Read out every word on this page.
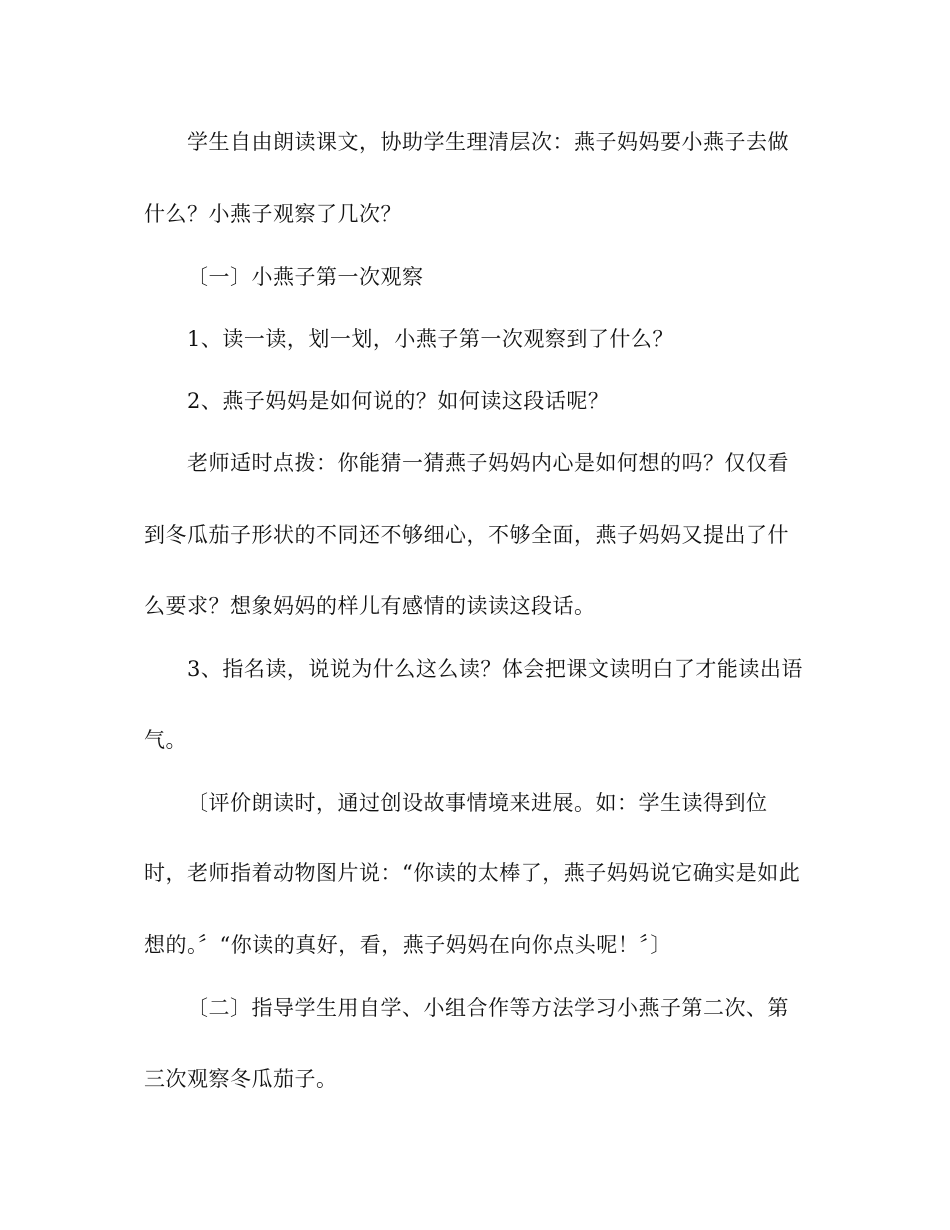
学生自由朗读课文，协助学生理清层次：燕子妈妈要小燕子去做
什么？小燕子观察了几次？
〔一〕小燕子第一次观察
1、读一读，划一划，小燕子第一次观察到了什么？
2、燕子妈妈是如何说的？如何读这段话呢？
老师适时点拨：你能猜一猜燕子妈妈内心是如何想的吗？仅仅看
到冬瓜茄子形状的不同还不够细心，不够全面，燕子妈妈又提出了什
么要求？想象妈妈的样儿有感情的读读这段话。
3、指名读，说说为什么这么读？体会把课文读明白了才能读出语
气。
〔评价朗读时，通过创设故事情境来进展。如：学生读得到位
时，老师指着动物图片说：“你读的太棒了，燕子妈妈说它确实是如此
想的。〞“你读的真好，看，燕子妈妈在向你点头呢！〞〕
〔二〕指导学生用自学、小组合作等方法学习小燕子第二次、第
三次观察冬瓜茄子。
